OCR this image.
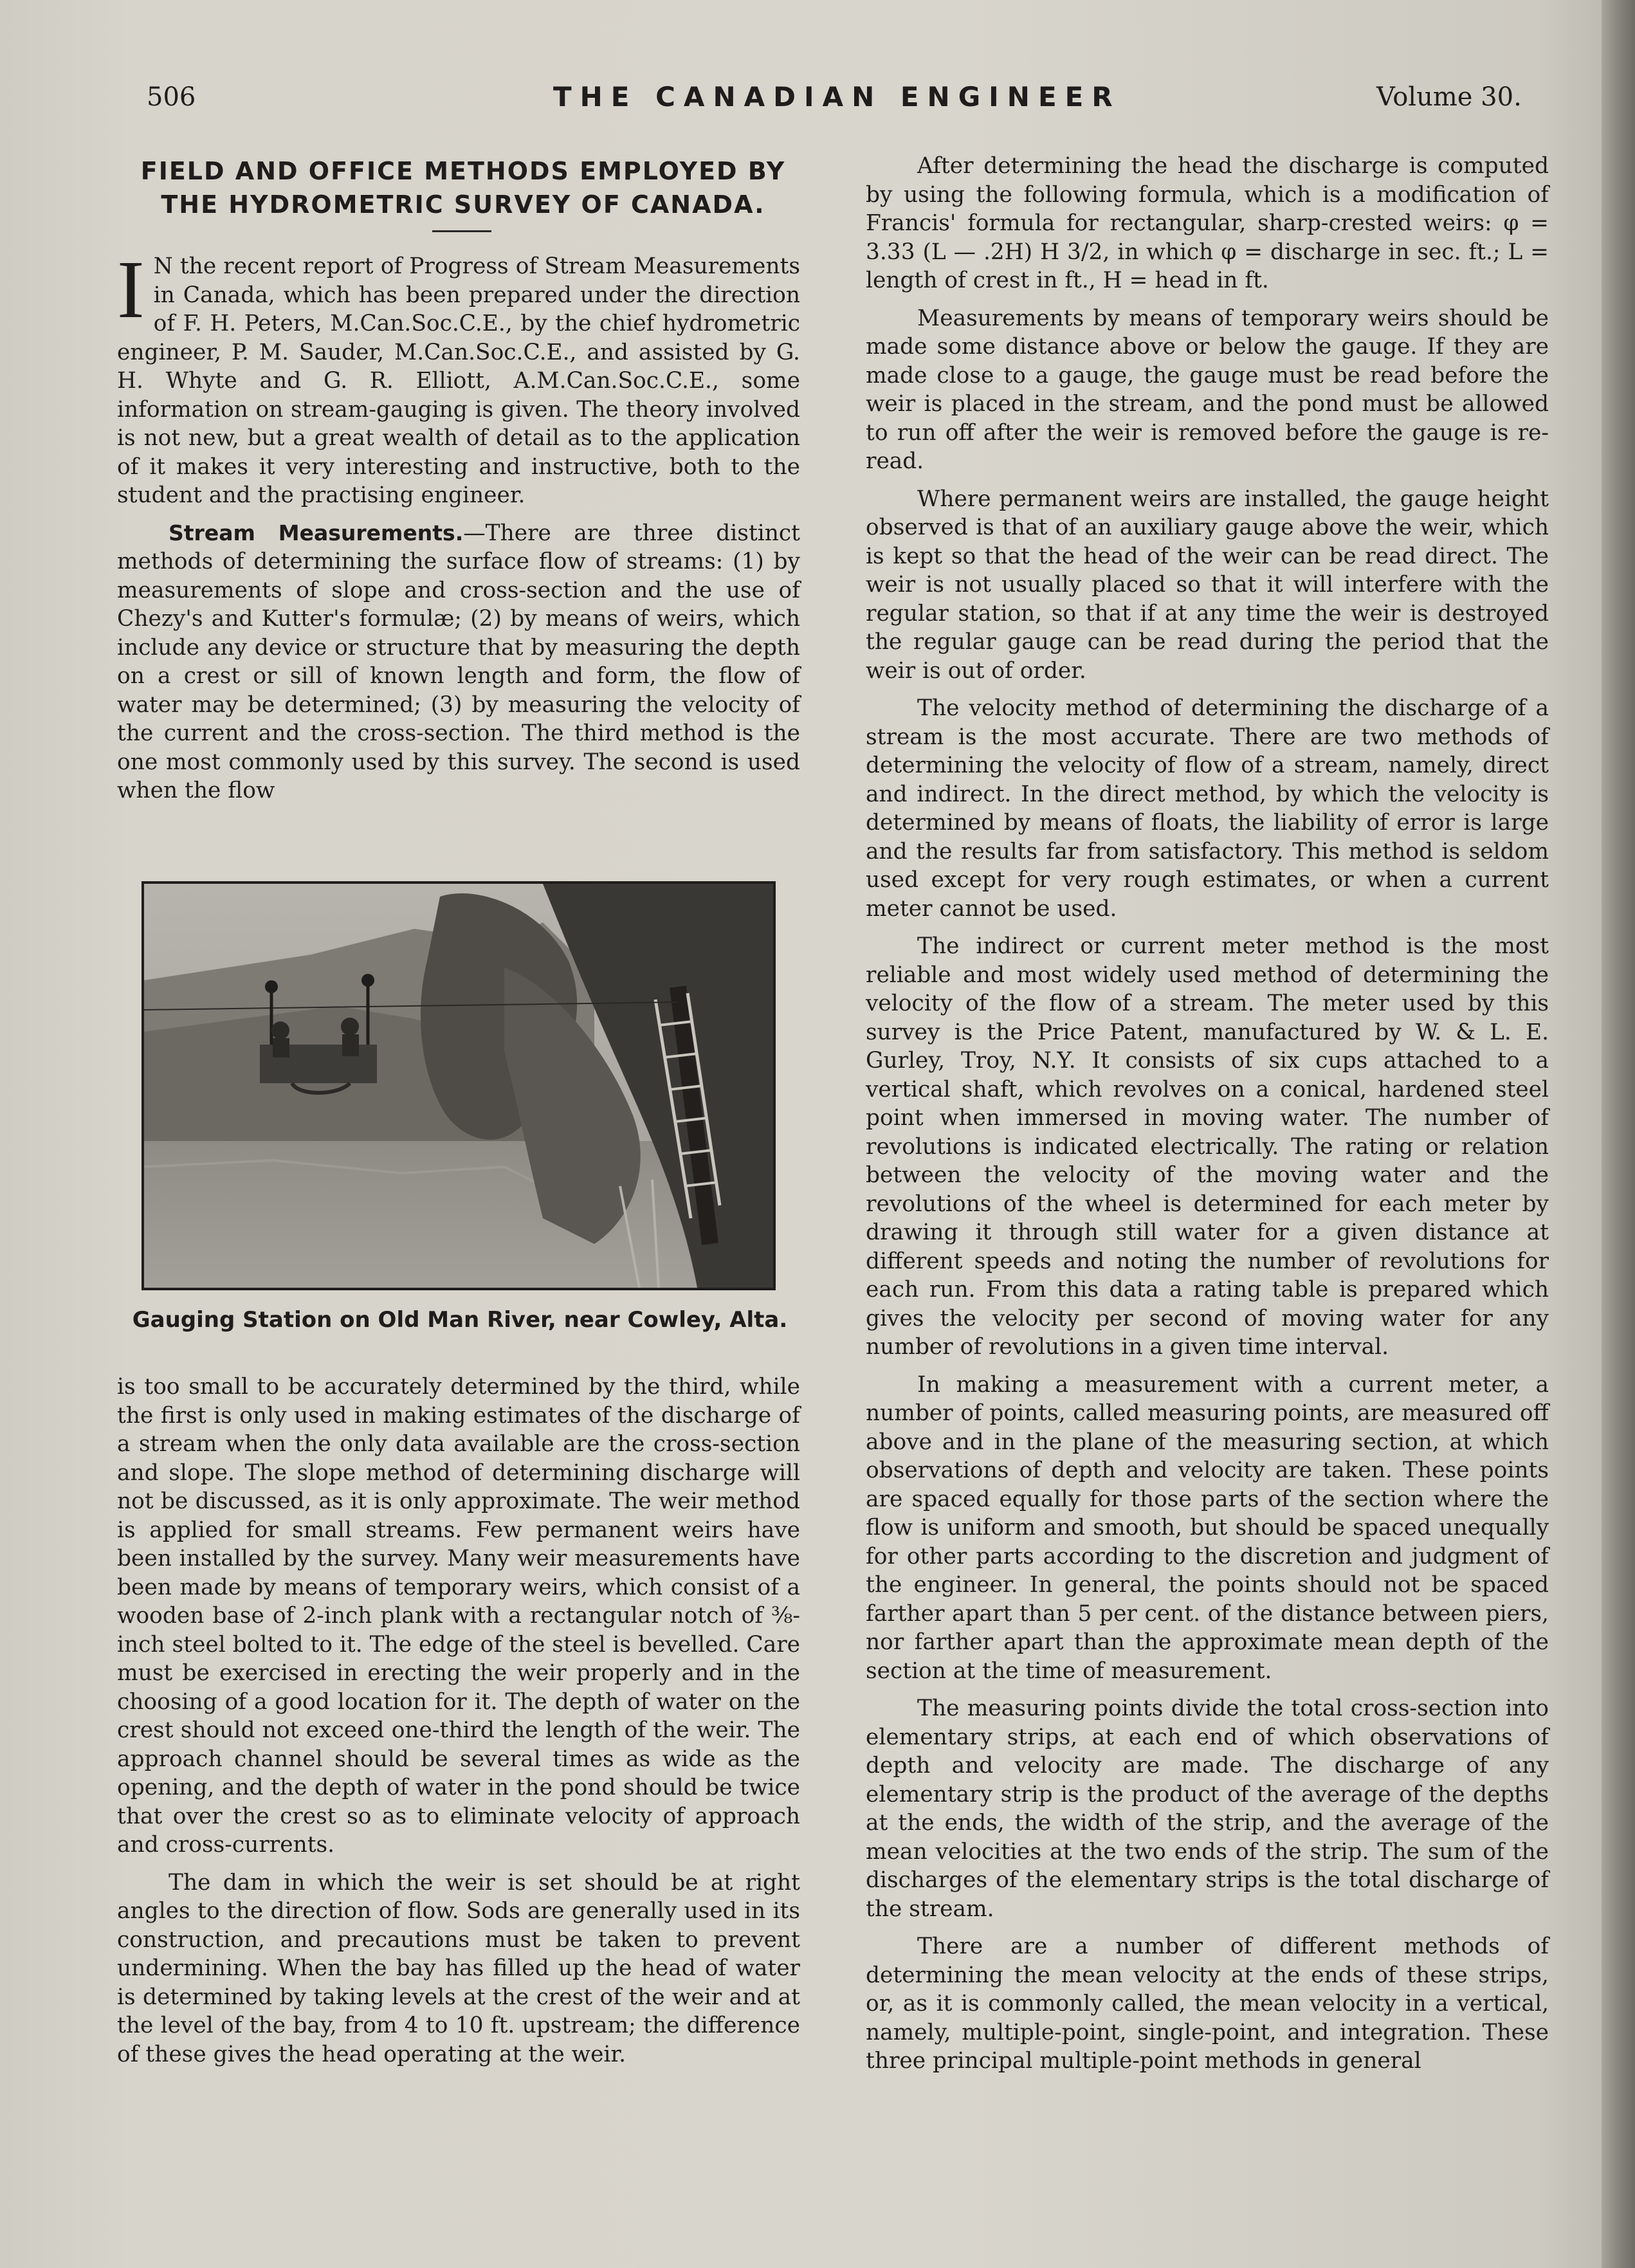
506	THE CANADIAN ENGINEER	Volume 30.
FIELD AND OFFICE METHODS EMPLOYED BY
THE HYDROMETRIC SURVEY OF CANADA.

I N the recent report of Progress of Stream Measurements in Canada, which has been prepared under the direction of F. H. Peters, M.Can.Soc.C.E., by the chief hydrometric engineer, P. M. Sauder, M.Can.Soc.C.E., and assisted by G. H. Whyte and G. R. Elliott, A.M.Can.Soc.C.E., some information on stream-gauging is given. The theory involved is not new, but a great wealth of detail as to the application of it makes it very interesting and instructive, both to the student and the practising engineer.

Stream Measurements.—There are three distinct methods of determining the surface flow of streams: (1) by measurements of slope and cross-section and the use of Chezy's and Kutter's formulæ; (2) by means of weirs, which include any device or structure that by measuring the depth on a crest or sill of known length and form, the flow of water may be determined; (3) by measuring the velocity of the current and the cross-section. The third method is the one most commonly used by this survey. The second is used when the flow

Gauging Station on Old Man River, near Cowley, Alta.

is too small to be accurately determined by the third, while the first is only used in making estimates of the discharge of a stream when the only data available are the cross-section and slope. The slope method of determining discharge will not be discussed, as it is only approximate. The weir method is applied for small streams. Few permanent weirs have been installed by the survey. Many weir measurements have been made by means of temporary weirs, which consist of a wooden base of 2-inch plank with a rectangular notch of ⅜-inch steel bolted to it. The edge of the steel is bevelled. Care must be exercised in erecting the weir properly and in the choosing of a good location for it. The depth of water on the crest should not exceed one-third the length of the weir. The approach channel should be several times as wide as the opening, and the depth of water in the pond should be twice that over the crest so as to eliminate velocity of approach and cross-currents.

The dam in which the weir is set should be at right angles to the direction of flow. Sods are generally used in its construction, and precautions must be taken to prevent undermining. When the bay has filled up the head of water is determined by taking levels at the crest of the weir and at the level of the bay, from 4 to 10 ft. upstream; the difference of these gives the head operating at the weir.

After determining the head the discharge is computed by using the following formula, which is a modification of Francis' formula for rectangular, sharp-crested weirs: φ = 3.33 (L — .2H) H 3/2, in which φ = discharge in sec. ft.; L = length of crest in ft., H = head in ft.

Measurements by means of temporary weirs should be made some distance above or below the gauge. If they are made close to a gauge, the gauge must be read before the weir is placed in the stream, and the pond must be allowed to run off after the weir is removed before the gauge is re-read.

Where permanent weirs are installed, the gauge height observed is that of an auxiliary gauge above the weir, which is kept so that the head of the weir can be read direct. The weir is not usually placed so that it will interfere with the regular station, so that if at any time the weir is destroyed the regular gauge can be read during the period that the weir is out of order.

The velocity method of determining the discharge of a stream is the most accurate. There are two methods of determining the velocity of flow of a stream, namely, direct and indirect. In the direct method, by which the velocity is determined by means of floats, the liability of error is large and the results far from satisfactory. This method is seldom used except for very rough estimates, or when a current meter cannot be used.

The indirect or current meter method is the most reliable and most widely used method of determining the velocity of the flow of a stream. The meter used by this survey is the Price Patent, manufactured by W. & L. E. Gurley, Troy, N.Y. It consists of six cups attached to a vertical shaft, which revolves on a conical, hardened steel point when immersed in moving water. The number of revolutions is indicated electrically. The rating or relation between the velocity of the moving water and the revolutions of the wheel is determined for each meter by drawing it through still water for a given distance at different speeds and noting the number of revolutions for each run. From this data a rating table is prepared which gives the velocity per second of moving water for any number of revolutions in a given time interval.

In making a measurement with a current meter, a number of points, called measuring points, are measured off above and in the plane of the measuring section, at which observations of depth and velocity are taken. These points are spaced equally for those parts of the section where the flow is uniform and smooth, but should be spaced unequally for other parts according to the discretion and judgment of the engineer. In general, the points should not be spaced farther apart than 5 per cent. of the distance between piers, nor farther apart than the approximate mean depth of the section at the time of measurement.

The measuring points divide the total cross-section into elementary strips, at each end of which observations of depth and velocity are made. The discharge of any elementary strip is the product of the average of the depths at the ends, the width of the strip, and the average of the mean velocities at the two ends of the strip. The sum of the discharges of the elementary strips is the total discharge of the stream.

There are a number of different methods of determining the mean velocity at the ends of these strips, or, as it is commonly called, the mean velocity in a vertical, namely, multiple-point, single-point, and integration. These three principal multiple-point methods in general
